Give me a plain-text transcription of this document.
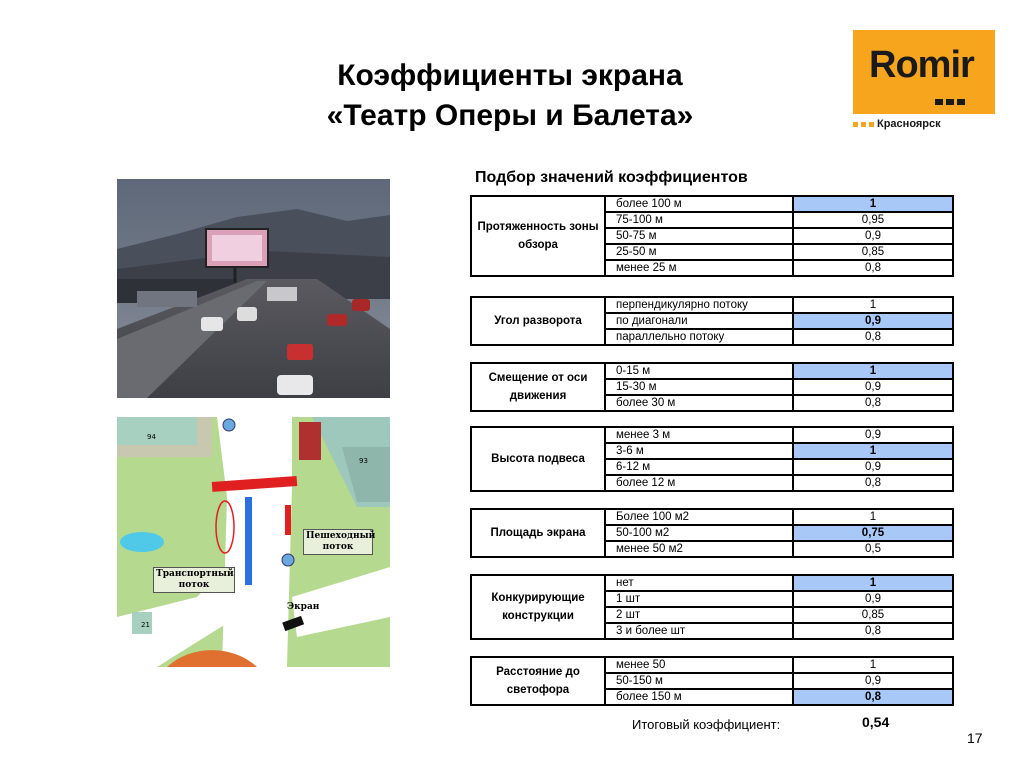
Коэффициенты экрана
«Театр Оперы и Балета»
Romir
Красноярск
94
93
21
Транспортный поток
Пешеходный поток
Экран
Подбор значений коэффициентов
Протяженность зоны обзора	более 100 м	1
	75-100 м	0,95
	50-75 м	0,9
	25-50 м	0,85
	менее 25 м	0,8
Угол разворота	перпендикулярно потоку	1
	по диагонали	0,9
	параллельно потоку	0,8
Смещение от оси движения	0-15 м	1
	15-30 м	0,9
	более 30 м	0,8
Высота подвеса	менее 3 м	0,9
	3-6 м	1
	6-12 м	0,9
	более 12 м	0,8
Площадь экрана	Более 100 м2	1
	50-100 м2	0,75
	менее 50 м2	0,5
Конкурирующие конструкции	нет	1
	1 шт	0,9
	2 шт	0,85
	3 и более шт	0,8
Расстояние до светофора	менее 50	1
	50-150 м	0,9
	более 150 м	0,8
Итоговый коэффициент:	0,54
17
